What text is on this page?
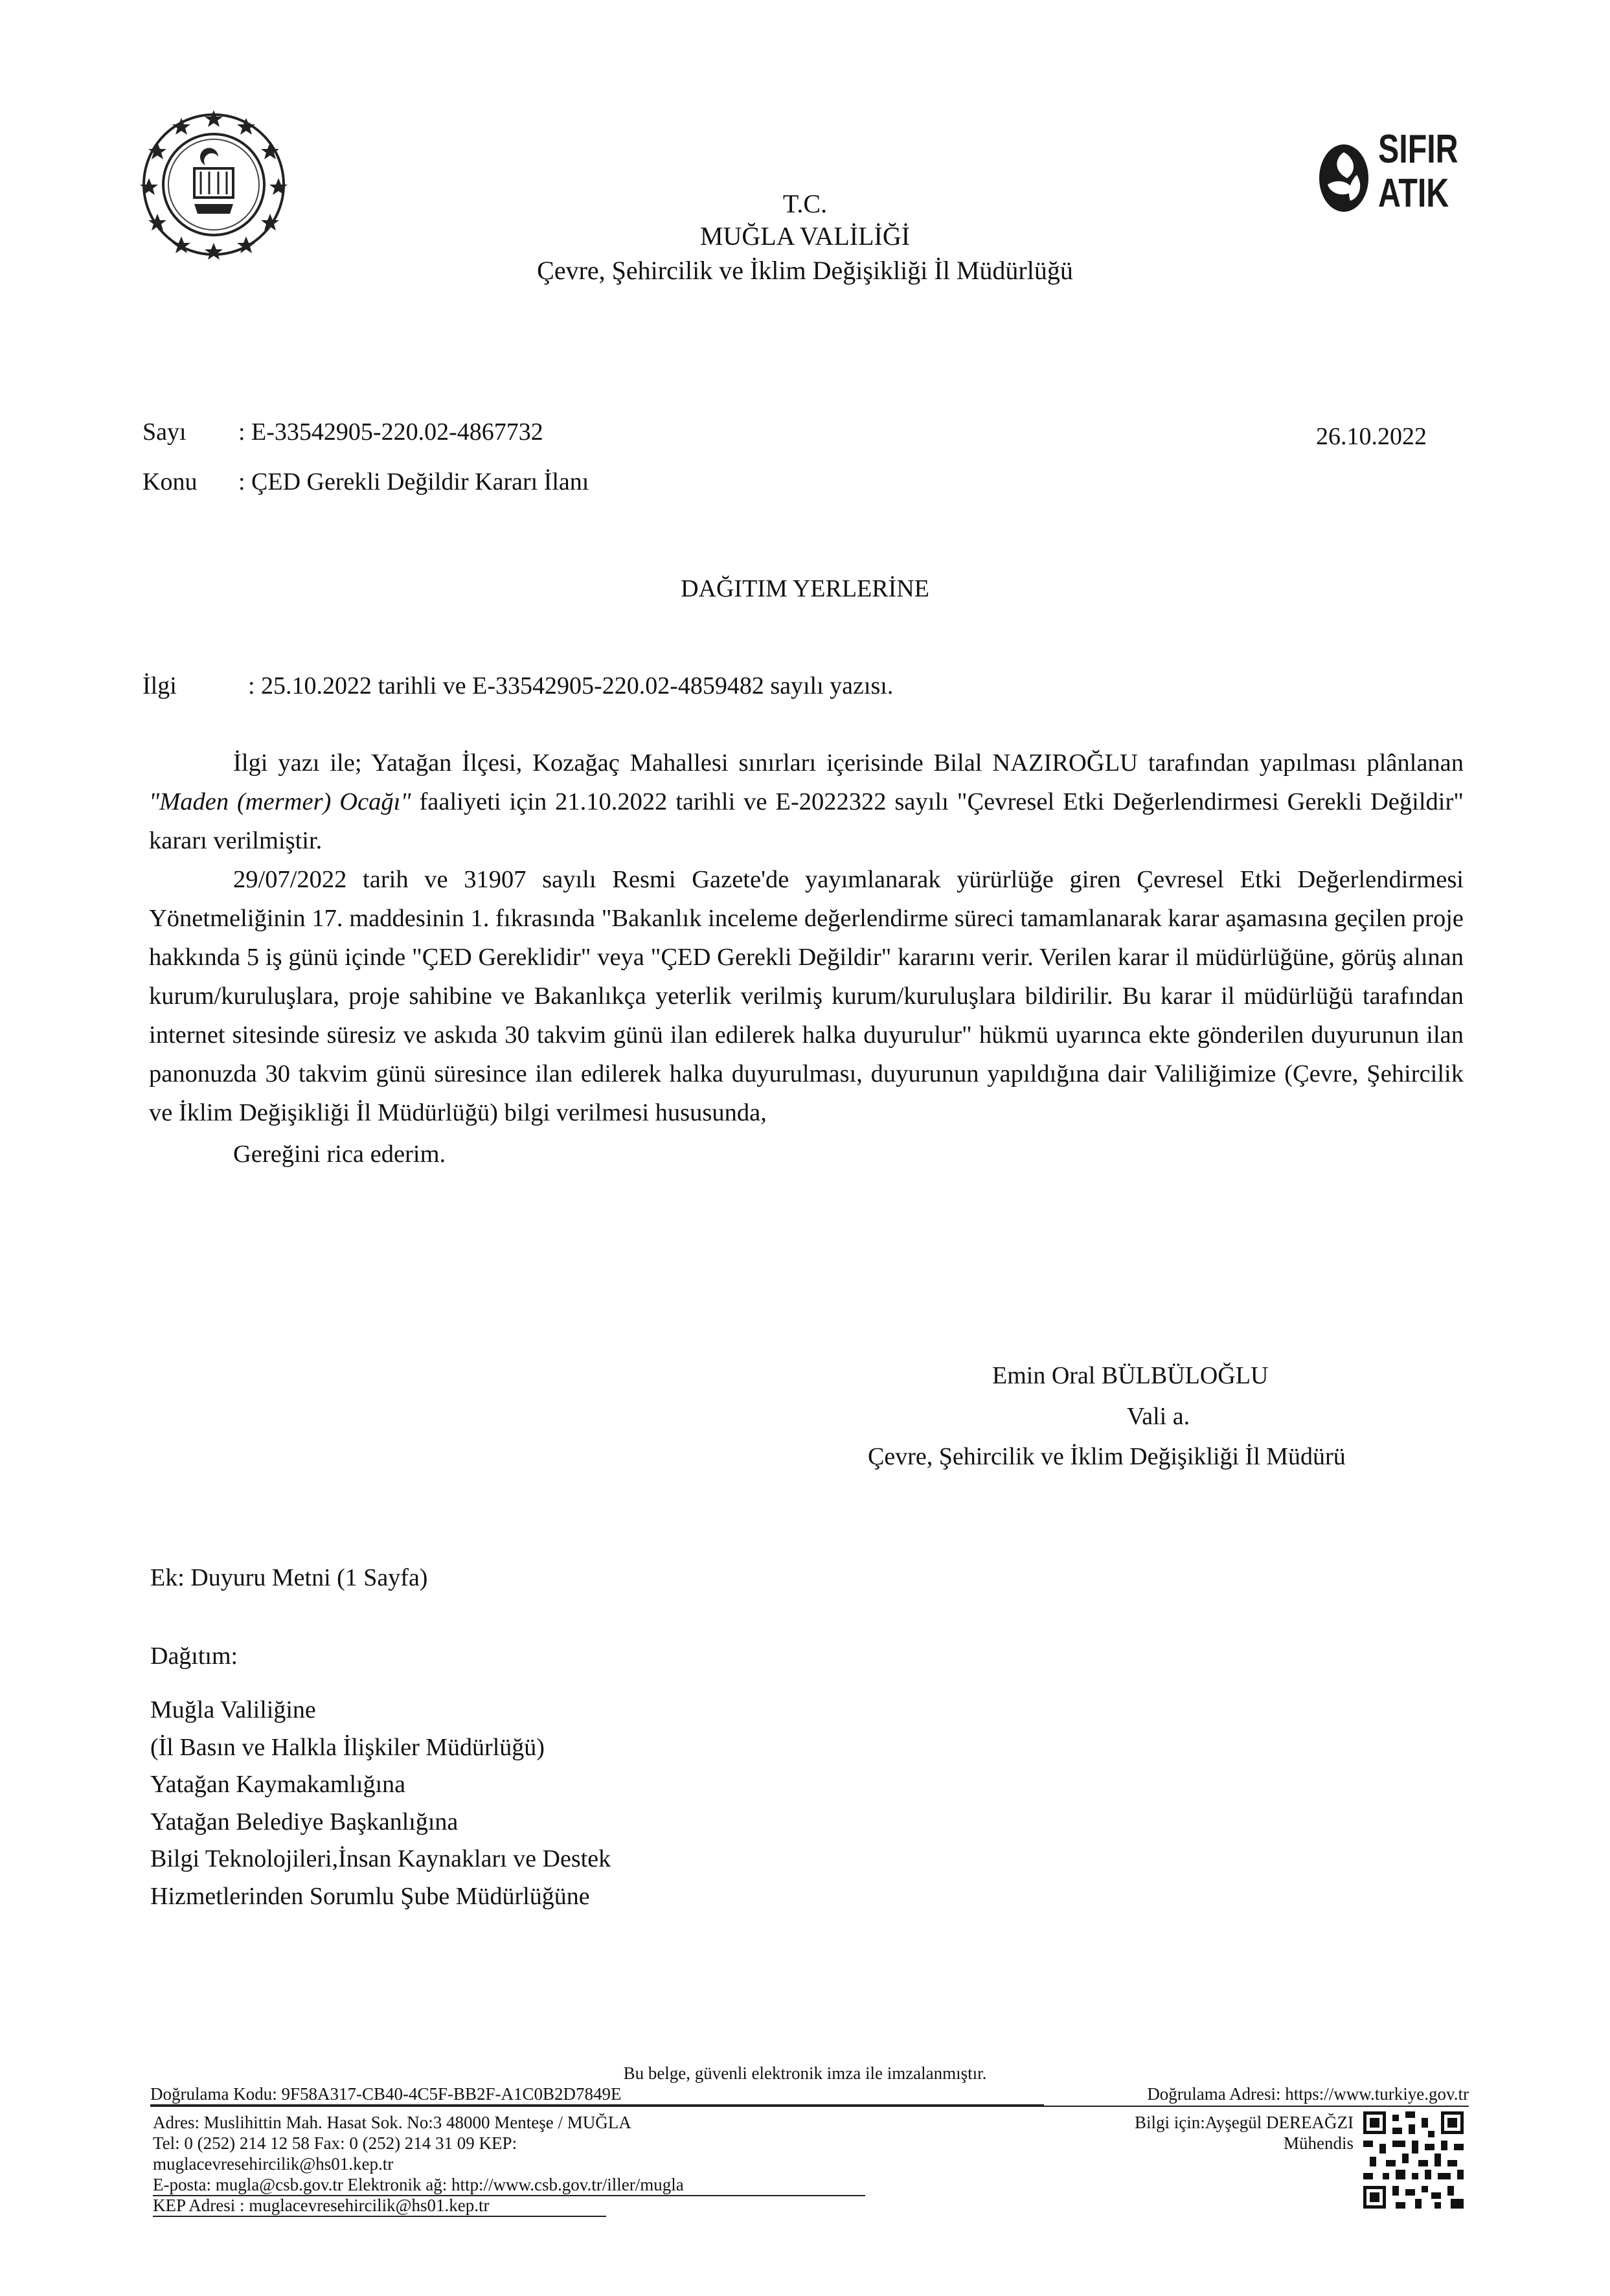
T.C.
MUĞLA VALİLİĞİ
Çevre, Şehircilik ve İklim Değişikliği İl Müdürlüğü
SIFIR
ATIK
Sayı : E-33542905-220.02-4867732	26.10.2022
Konu : ÇED Gerekli Değildir Kararı İlanı
DAĞITIM YERLERİNE
İlgi	: 25.10.2022 tarihli ve E-33542905-220.02-4859482 sayılı yazısı.

İlgi yazı ile; Yatağan İlçesi, Kozağaç Mahallesi sınırları içerisinde Bilal NAZIROĞLU tarafından yapılması plânlanan "Maden (mermer) Ocağı" faaliyeti için 21.10.2022 tarihli ve E-2022322 sayılı "Çevresel Etki Değerlendirmesi Gerekli Değildir" kararı verilmiştir.

29/07/2022 tarih ve 31907 sayılı Resmi Gazete'de yayımlanarak yürürlüğe giren Çevresel Etki Değerlendirmesi Yönetmeliğinin 17. maddesinin 1. fıkrasında "Bakanlık inceleme değerlendirme süreci tamamlanarak karar aşamasına geçilen proje hakkında 5 iş günü içinde "ÇED Gereklidir" veya "ÇED Gerekli Değildir" kararını verir. Verilen karar il müdürlüğüne, görüş alınan kurum/kuruluşlara, proje sahibine ve Bakanlıkça yeterlik verilmiş kurum/kuruluşlara bildirilir. Bu karar il müdürlüğü tarafından internet sitesinde süresiz ve askıda 30 takvim günü ilan edilerek halka duyurulur" hükmü uyarınca ekte gönderilen duyurunun ilan panonuzda 30 takvim günü süresince ilan edilerek halka duyurulması, duyurunun yapıldığına dair Valiliğimize (Çevre, Şehircilik ve İklim Değişikliği İl Müdürlüğü) bilgi verilmesi hususunda,

Gereğini rica ederim.

Emin Oral BÜLBÜLOĞLU
Vali a.
Çevre, Şehircilik ve İklim Değişikliği İl Müdürü
Ek: Duyuru Metni (1 Sayfa)
Dağıtım:
Muğla Valiliğine
(İl Basın ve Halkla İlişkiler Müdürlüğü)
Yatağan Kaymakamlığına
Yatağan Belediye Başkanlığına
Bilgi Teknolojileri,İnsan Kaynakları ve Destek
Hizmetlerinden Sorumlu Şube Müdürlüğüne
Bu belge, güvenli elektronik imza ile imzalanmıştır.
Doğrulama Kodu: 9F58A317-CB40-4C5F-BB2F-A1C0B2D7849E	Doğrulama Adresi: https://www.turkiye.gov.tr
Adres: Muslihittin Mah. Hasat Sok. No:3 48000 Menteşe / MUĞLA
Tel: 0 (252) 214 12 58 Fax: 0 (252) 214 31 09 KEP:
muglacevresehircilik@hs01.kep.tr
E-posta: mugla@csb.gov.tr Elektronik ağ: http://www.csb.gov.tr/iller/mugla
KEP Adresi : muglacevresehircilik@hs01.kep.tr
Bilgi için:Ayşegül DEREAĞZI
Mühendis
